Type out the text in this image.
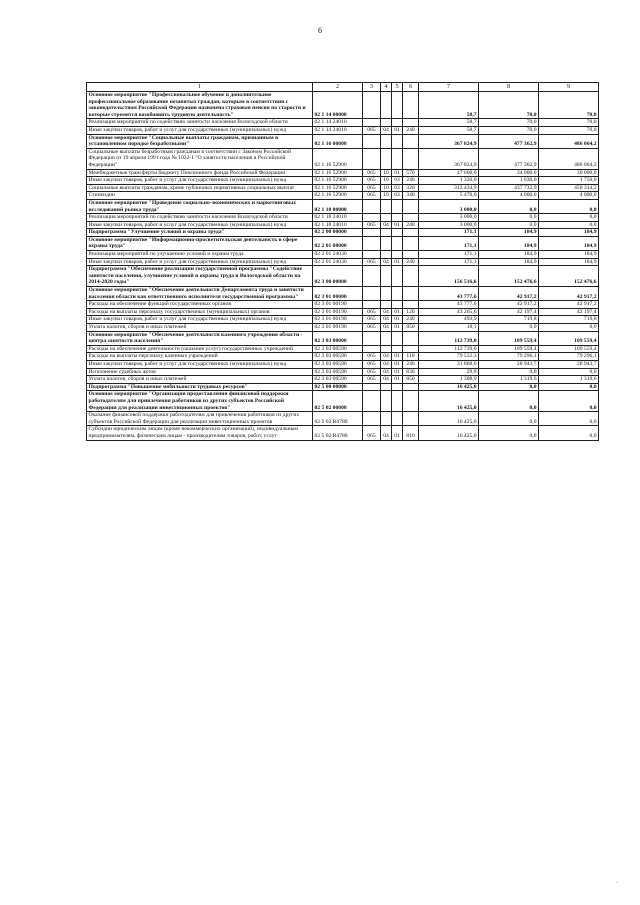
6
1	2	3	4	5	6	7	8	9
Основное мероприятие "Профессиональное обучение и дополнительное профессиональное образование незанятых граждан, которым в соответствии с законодательством Российской Федерации назначена страховая пенсия по старости и которые стремятся возобновить трудовую деятельность"	02 1 14 00000					58,7	70,0	70,0
Реализация мероприятий по содействию занятости населения Вологодской области	02 1 14 24010					58,7	70,0	70,0
Иные закупки товаров, работ и услуг для государственных (муниципальных) нужд	02 1 14 24010	065	04	01	240	58,7	70,0	70,0
Основное мероприятие "Социальные выплаты гражданам, признанным в установленном порядке безработными"	02 1 16 00000					367 824,9	477 362,9	486 064,2
Социальные выплаты безработным гражданам в соответствии с Законом Российской Федерации от 19 апреля 1991 года № 1032-1 "О занятости населения в Российской Федерации"	02 1 16 52900					367 824,9	477 362,9	486 064,2
Межбюджетные трансферты бюджету Пенсионного фонда Российской Федерации	02 1 16 52900	065	10	01	570	47 600,0	34 000,0	30 000,0
Иные закупки товаров, работ и услуг для государственных (муниципальных) нужд	02 1 16 52900	065	10	03	240	1 320,0	1 630,0	1 750,0
Социальные выплаты гражданам, кроме публичных нормативных социальных выплат	02 1 16 52900	065	10	03	320	313 434,9	437 732,9	450 314,2
Стипендии	02 1 16 52900	065	10	03	340	5 470,0	4 000,0	4 000,0
Основное мероприятие "Проведение социально-экономических и маркетинговых исследований рынка труда"	02 1 18 00000					3 000,0	0,0	0,0
Реализация мероприятий по содействию занятости населения Вологодской области	02 1 18 24010					3 000,0	0,0	0,0
Иные закупки товаров, работ и услуг для государственных (муниципальных) нужд	02 1 18 24010	065	04	01	240	3 000,0	0,0	0,0
Подпрограмма "Улучшение условий и охраны труда"	02 2 00 00000					171,1	184,9	184,9
Основное мероприятие "Информационно-просветительская деятельность в сфере охраны труда"	02 2 01 00000					171,1	184,9	184,9
Реализация мероприятий по улучшению условий и охраны труда	02 2 01 24030					171,1	184,9	184,9
Иные закупки товаров, работ и услуг для государственных (муниципальных) нужд	02 2 01 24030	065	04	01	240	171,1	184,9	184,9
Подпрограмма "Обеспечение реализации государственной программы "Содействие занятости населения, улучшение условий и охраны труда в Вологодской области на 2014-2020 годы"	02 3 00 00000					156 516,6	152 476,6	152 476,6
Основное мероприятие "Обеспечение деятельности Департамента труда и занятости населения области как ответственного исполнителя государственной программы"	02 3 01 00000					43 777,6	42 917,2	42 917,2
Расходы на обеспечение функций государственных органов	02 3 01 00190					43 777,6	42 917,2	42 917,2
Расходы на выплаты персоналу государственных (муниципальных) органов	02 3 01 00190	065	04	01	120	43 265,6	42 197,4	42 197,4
Иные закупки товаров, работ и услуг для государственных (муниципальных) нужд	02 3 01 00190	065	04	01	240	493,9	719,8	719,8
Уплата налогов, сборов и иных платежей	02 3 01 00190	065	04	01	850	18,1	0,0	0,0
Основное мероприятие "Обеспечение деятельности казенного учреждения области - центра занятости населения"	02 3 03 00000					112 739,0	109 559,4	109 559,4
Расходы на обеспечение деятельности (оказание услуг) государственных учреждений	02 3 03 00590					112 739,0	109 559,4	109 559,4
Расходы на выплаты персоналу казенных учреждений	02 3 03 00590	065	04	01	110	79 532,3	79 296,1	79 296,1
Иные закупки товаров, работ и услуг для государственных (муниципальных) нужд	02 3 03 00590	065	04	01	240	31 868,0	28 943,7	28 943,7
Исполнение судебных актов	02 3 03 00590	065	04	01	830	29,8	0,0	0,0
Уплата налогов, сборов и иных платежей	02 3 03 00590	065	04	01	850	1 308,9	1 319,6	1 319,6
Подпрограмма "Повышение мобильности трудовых ресурсов"	02 5 00 00000					16 425,0	0,0	0,0
Основное мероприятие "Организация предоставления финансовой поддержки работодателям для привлечения работников из других субъектов Российской Федерации для реализации инвестиционных проектов"	02 5 02 00000					16 425,0	0,0	0,0
Оказание финансовой поддержки работодателям для привлечения работников из других субъектов Российской Федерации для реализации инвестиционных проектов	02 5 02 R4780					16 425,0	0,0	0,0
Субсидии юридическим лицам (кроме некоммерческих организаций), индивидуальным предпринимателям, физическим лицам - производителям товаров, работ, услуг	02 5 02 R4780	065	04	01	810	16 425,0	0,0	0,0
·
